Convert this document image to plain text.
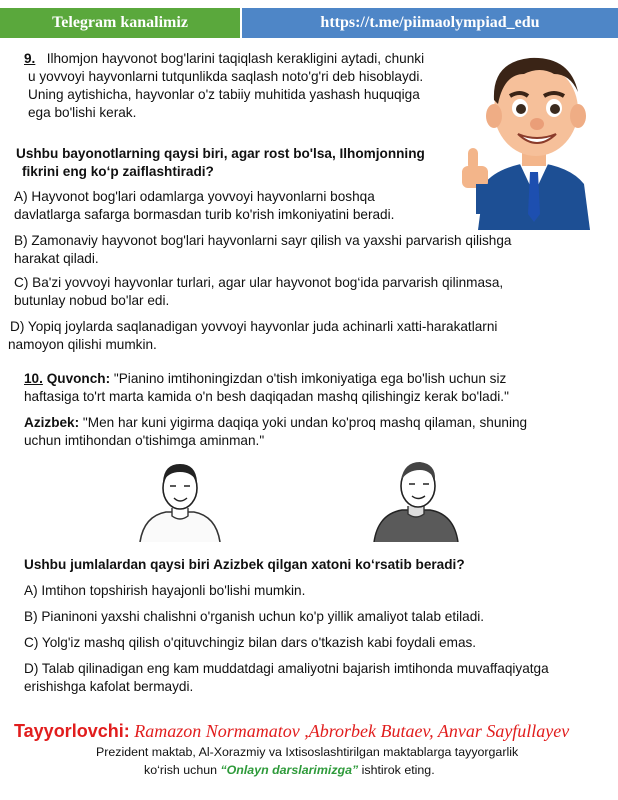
Telegram kanalimiz	https://t.me/piimaolympiad_edu
9. Ilhomjon hayvonot bog'larini taqiqlash kerakligini aytadi, chunki
u yovvoyi hayvonlarni tutqunlikda saqlash noto'g'ri deb hisoblaydi.
Uning aytishicha, hayvonlar o'z tabiiy muhitida yashash huquqiga
ega bo'lishi kerak.
Ushbu bayonotlarning qaysi biri, agar rost bo'lsa, Ilhomjonning
fikrini eng ko‘p zaiflashtiradi?
A) Hayvonot bog'lari odamlarga yovvoyi hayvonlarni boshqa
davlatlarga safarga bormasdan turib ko'rish imkoniyatini beradi.
B) Zamonaviy hayvonot bog'lari hayvonlarni sayr qilish va yaxshi parvarish qilishga
harakat qiladi.
C) Ba'zi yovvoyi hayvonlar turlari, agar ular hayvonot bog‘ida parvarish qilinmasa,
butunlay nobud bo'lar edi.
D) Yopiq joylarda saqlanadigan yovvoyi hayvonlar juda achinarli xatti-harakatlarni
namoyon qilishi mumkin.
10. Quvonch: "Pianino imtihoningizdan o'tish imkoniyatiga ega bo'lish uchun siz
haftasiga to'rt marta kamida o'n besh daqiqadan mashq qilishingiz kerak bo'ladi."
Azizbek: "Men har kuni yigirma daqiqa yoki undan ko'proq mashq qilaman, shuning
uchun imtihondan o'tishimga aminman."
Ushbu jumlalardan qaysi biri Azizbek qilgan xatoni ko‘rsatib beradi?
A) Imtihon topshirish hayajonli bo'lishi mumkin.
B) Pianinoni yaxshi chalishni o'rganish uchun ko'p yillik amaliyot talab etiladi.
C) Yolg'iz mashq qilish o'qituvchingiz bilan dars o'tkazish kabi foydali emas.
D) Talab qilinadigan eng kam muddatdagi amaliyotni bajarish imtihonda muvaffaqiyatga
erishishga kafolat bermaydi.
Tayyorlovchi: Ramazon Normamatov ,Abrorbek Butaev, Anvar Sayfullayev
Prezident maktab, Al-Xorazmiy va Ixtisoslashtirilgan maktablarga tayyorgarlik
ko‘rish uchun “Onlayn darslarimizga” ishtirok eting.
